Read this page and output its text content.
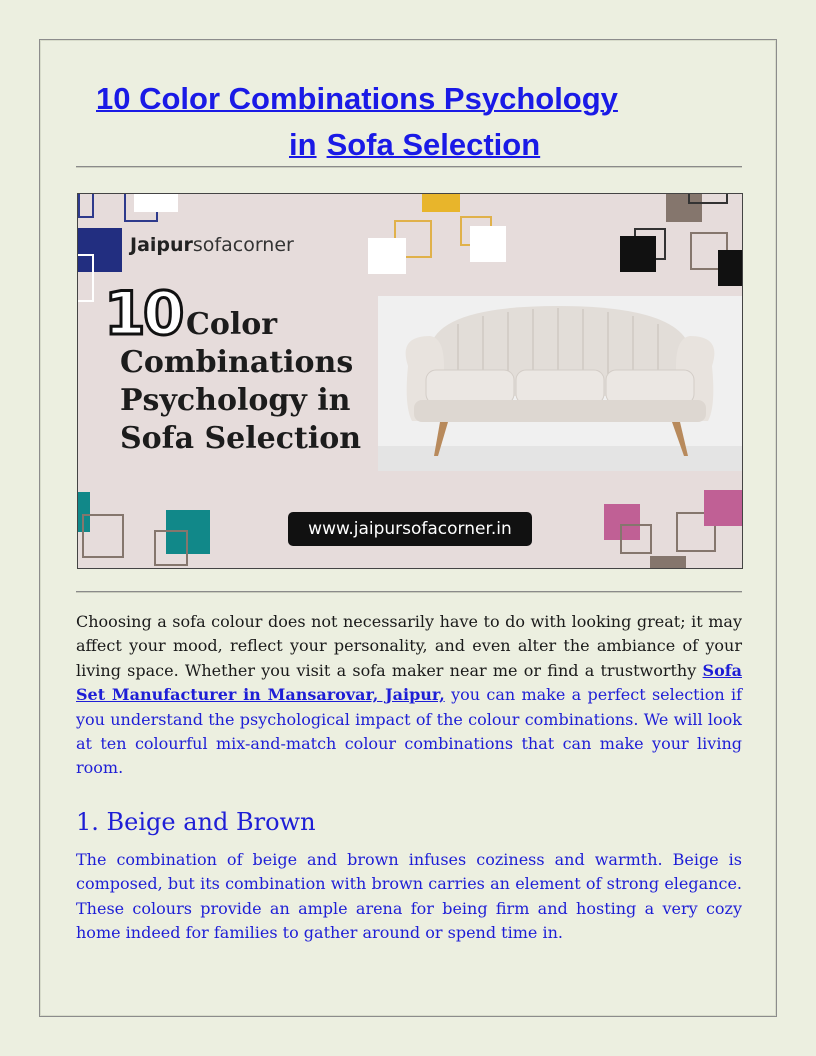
10 Color Combinations Psychology
in Sofa Selection
Jaipursofacorner
10 Color
Combinations
Psychology in
Sofa Selection
www.jaipursofacorner.in
Choosing a sofa colour does not necessarily have to do with looking great; it may affect your mood, reflect your personality, and even alter the ambiance of your living space. Whether you visit a sofa maker near me or find a trustworthy Sofa Set Manufacturer in Mansarovar, Jaipur, you can make a perfect selection if you understand the psychological impact of the colour combinations. We will look at ten colourful mix-and-match colour combinations that can make your living room.
1. Beige and Brown
The combination of beige and brown infuses coziness and warmth. Beige is composed, but its combination with brown carries an element of strong elegance. These colours provide an ample arena for being firm and hosting a very cozy home indeed for families to gather around or spend time in.
